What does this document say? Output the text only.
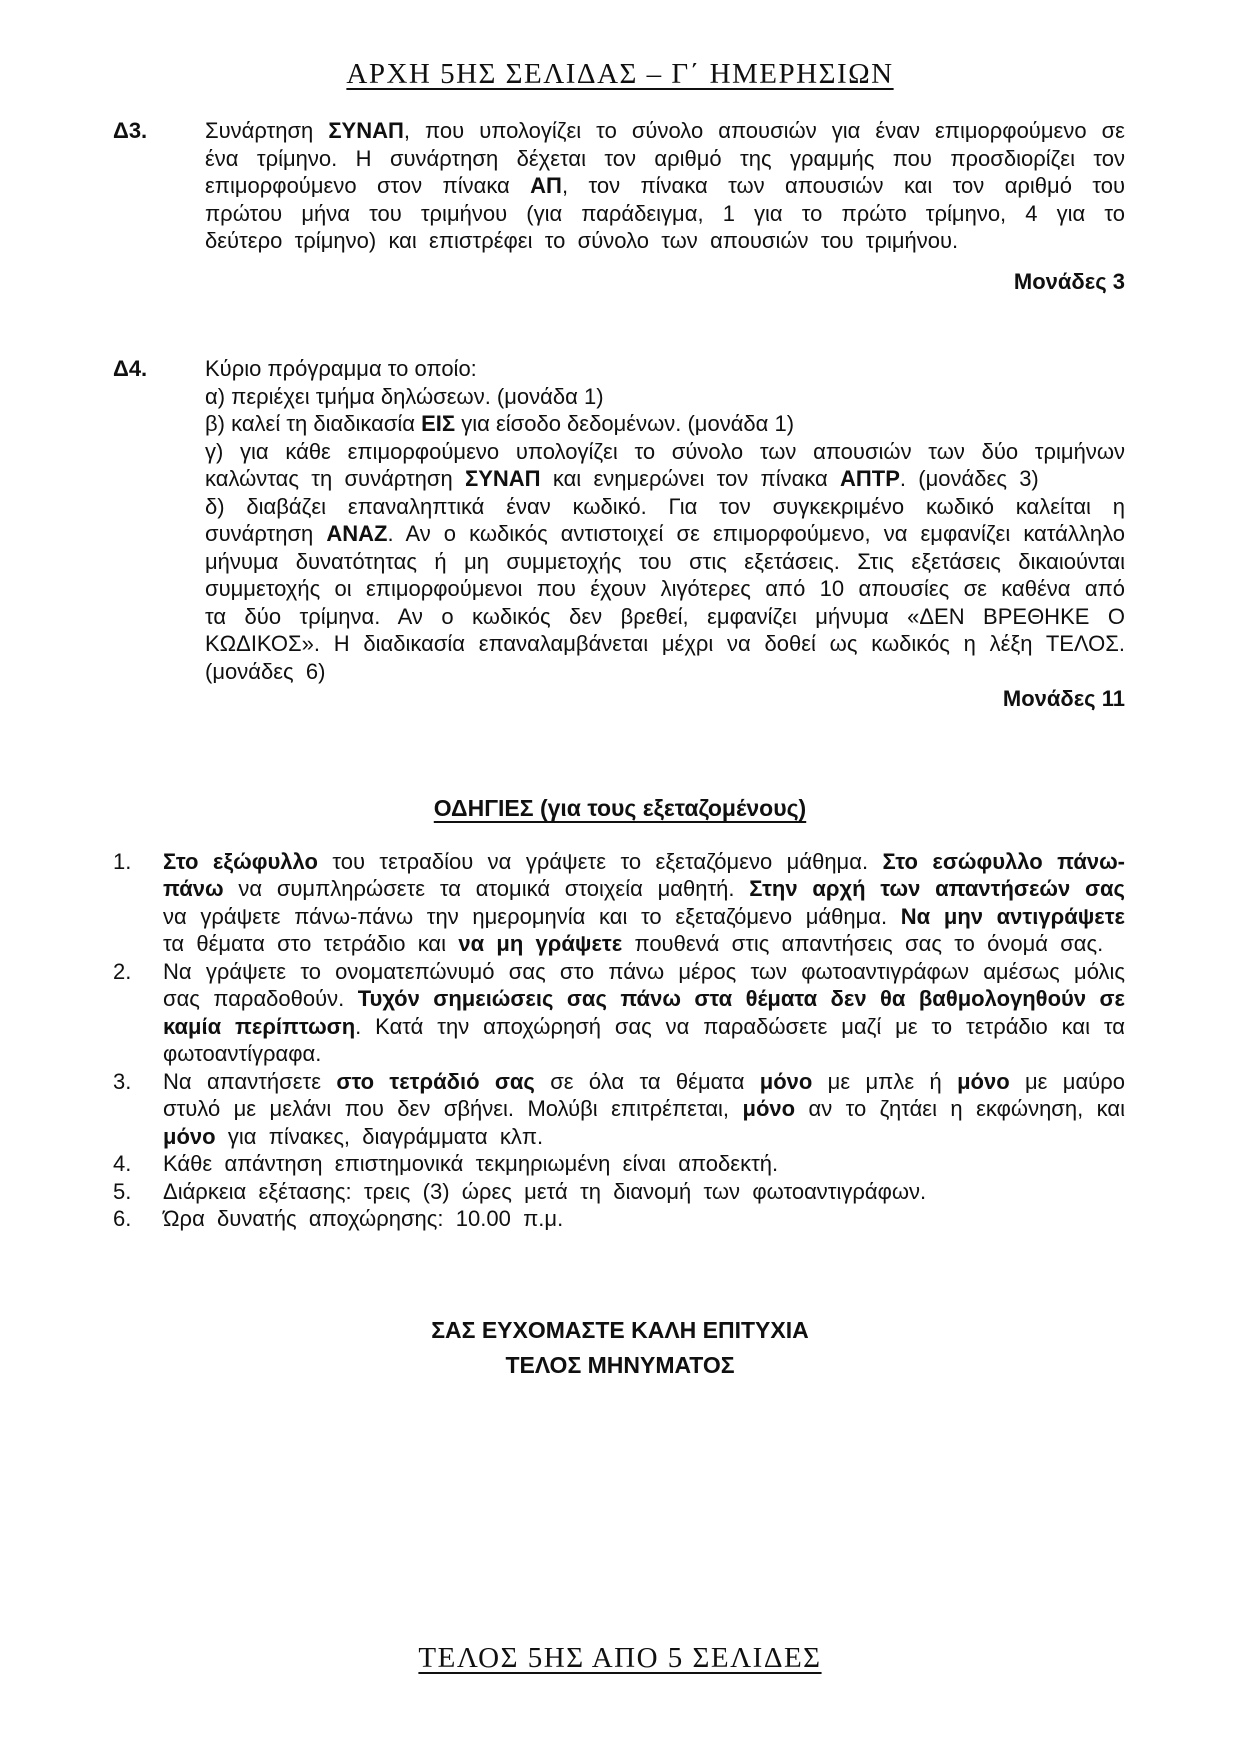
ΑΡΧΗ 5ΗΣ ΣΕΛΙΔΑΣ – Γ΄ ΗΜΕΡΗΣΙΩΝ
Δ3.	Συνάρτηση ΣΥΝΑΠ, που υπολογίζει το σύνολο απουσιών για έναν επιμορφούμενο σε ένα τρίμηνο. Η συνάρτηση δέχεται τον αριθμό της γραμμής που προσδιορίζει τον επιμορφούμενο στον πίνακα ΑΠ, τον πίνακα των απουσιών και τον αριθμό του πρώτου μήνα του τριμήνου (για παράδειγμα, 1 για το πρώτο τρίμηνο, 4 για το δεύτερο τρίμηνο) και επιστρέφει το σύνολο των απουσιών του τριμήνου.

Μονάδες 3
Δ4.	Κύριο πρόγραμμα το οποίο:

α) περιέχει τμήμα δηλώσεων. (μονάδα 1)

β) καλεί τη διαδικασία ΕΙΣ για είσοδο δεδομένων. (μονάδα 1)

γ) για κάθε επιμορφούμενο υπολογίζει το σύνολο των απουσιών των δύο τριμήνων καλώντας τη συνάρτηση ΣΥΝΑΠ και ενημερώνει τον πίνακα ΑΠΤΡ. (μονάδες 3)

δ) διαβάζει επαναληπτικά έναν κωδικό. Για τον συγκεκριμένο κωδικό καλείται η συνάρτηση ΑΝΑΖ. Αν ο κωδικός αντιστοιχεί σε επιμορφούμενο, να εμφανίζει κατάλληλο μήνυμα δυνατότητας ή μη συμμετοχής του στις εξετάσεις. Στις εξετάσεις δικαιούνται συμμετοχής οι επιμορφούμενοι που έχουν λιγότερες από 10 απουσίες σε καθένα από τα δύο τρίμηνα. Αν ο κωδικός δεν βρεθεί, εμφανίζει μήνυμα «ΔΕΝ ΒΡΕΘΗΚΕ Ο ΚΩΔΙΚΟΣ». Η διαδικασία επαναλαμβάνεται μέχρι να δοθεί ως κωδικός η λέξη ΤΕΛΟΣ. (μονάδες 6)

Μονάδες 11
ΟΔΗΓΙΕΣ (για τους εξεταζομένους)
1.	Στο εξώφυλλο του τετραδίου να γράψετε το εξεταζόμενο μάθημα. Στο εσώφυλλο πάνω-πάνω να συμπληρώσετε τα ατομικά στοιχεία μαθητή. Στην αρχή των απαντήσεών σας να γράψετε πάνω-πάνω την ημερομηνία και το εξεταζόμενο μάθημα. Να μην αντιγράψετε τα θέματα στο τετράδιο και να μη γράψετε πουθενά στις απαντήσεις σας το όνομά σας.
2.	Να γράψετε το ονοματεπώνυμό σας στο πάνω μέρος των φωτοαντιγράφων αμέσως μόλις σας παραδοθούν. Τυχόν σημειώσεις σας πάνω στα θέματα δεν θα βαθμολογηθούν σε καμία περίπτωση. Κατά την αποχώρησή σας να παραδώσετε μαζί με το τετράδιο και τα φωτοαντίγραφα.
3.	Να απαντήσετε στο τετράδιό σας σε όλα τα θέματα μόνο με μπλε ή μόνο με μαύρο στυλό με μελάνι που δεν σβήνει. Μολύβι επιτρέπεται, μόνο αν το ζητάει η εκφώνηση, και μόνο για πίνακες, διαγράμματα κλπ.
4.	Κάθε απάντηση επιστημονικά τεκμηριωμένη είναι αποδεκτή.
5.	Διάρκεια εξέτασης: τρεις (3) ώρες μετά τη διανομή των φωτοαντιγράφων.
6.	Ώρα δυνατής αποχώρησης: 10.00 π.μ.
ΣΑΣ ΕΥΧΟΜΑΣΤΕ ΚΑΛΗ ΕΠΙΤΥΧΙΑ
ΤΕΛΟΣ ΜΗΝΥΜΑΤΟΣ
ΤΕΛΟΣ 5ΗΣ ΑΠΟ 5 ΣΕΛΙΔΕΣ
